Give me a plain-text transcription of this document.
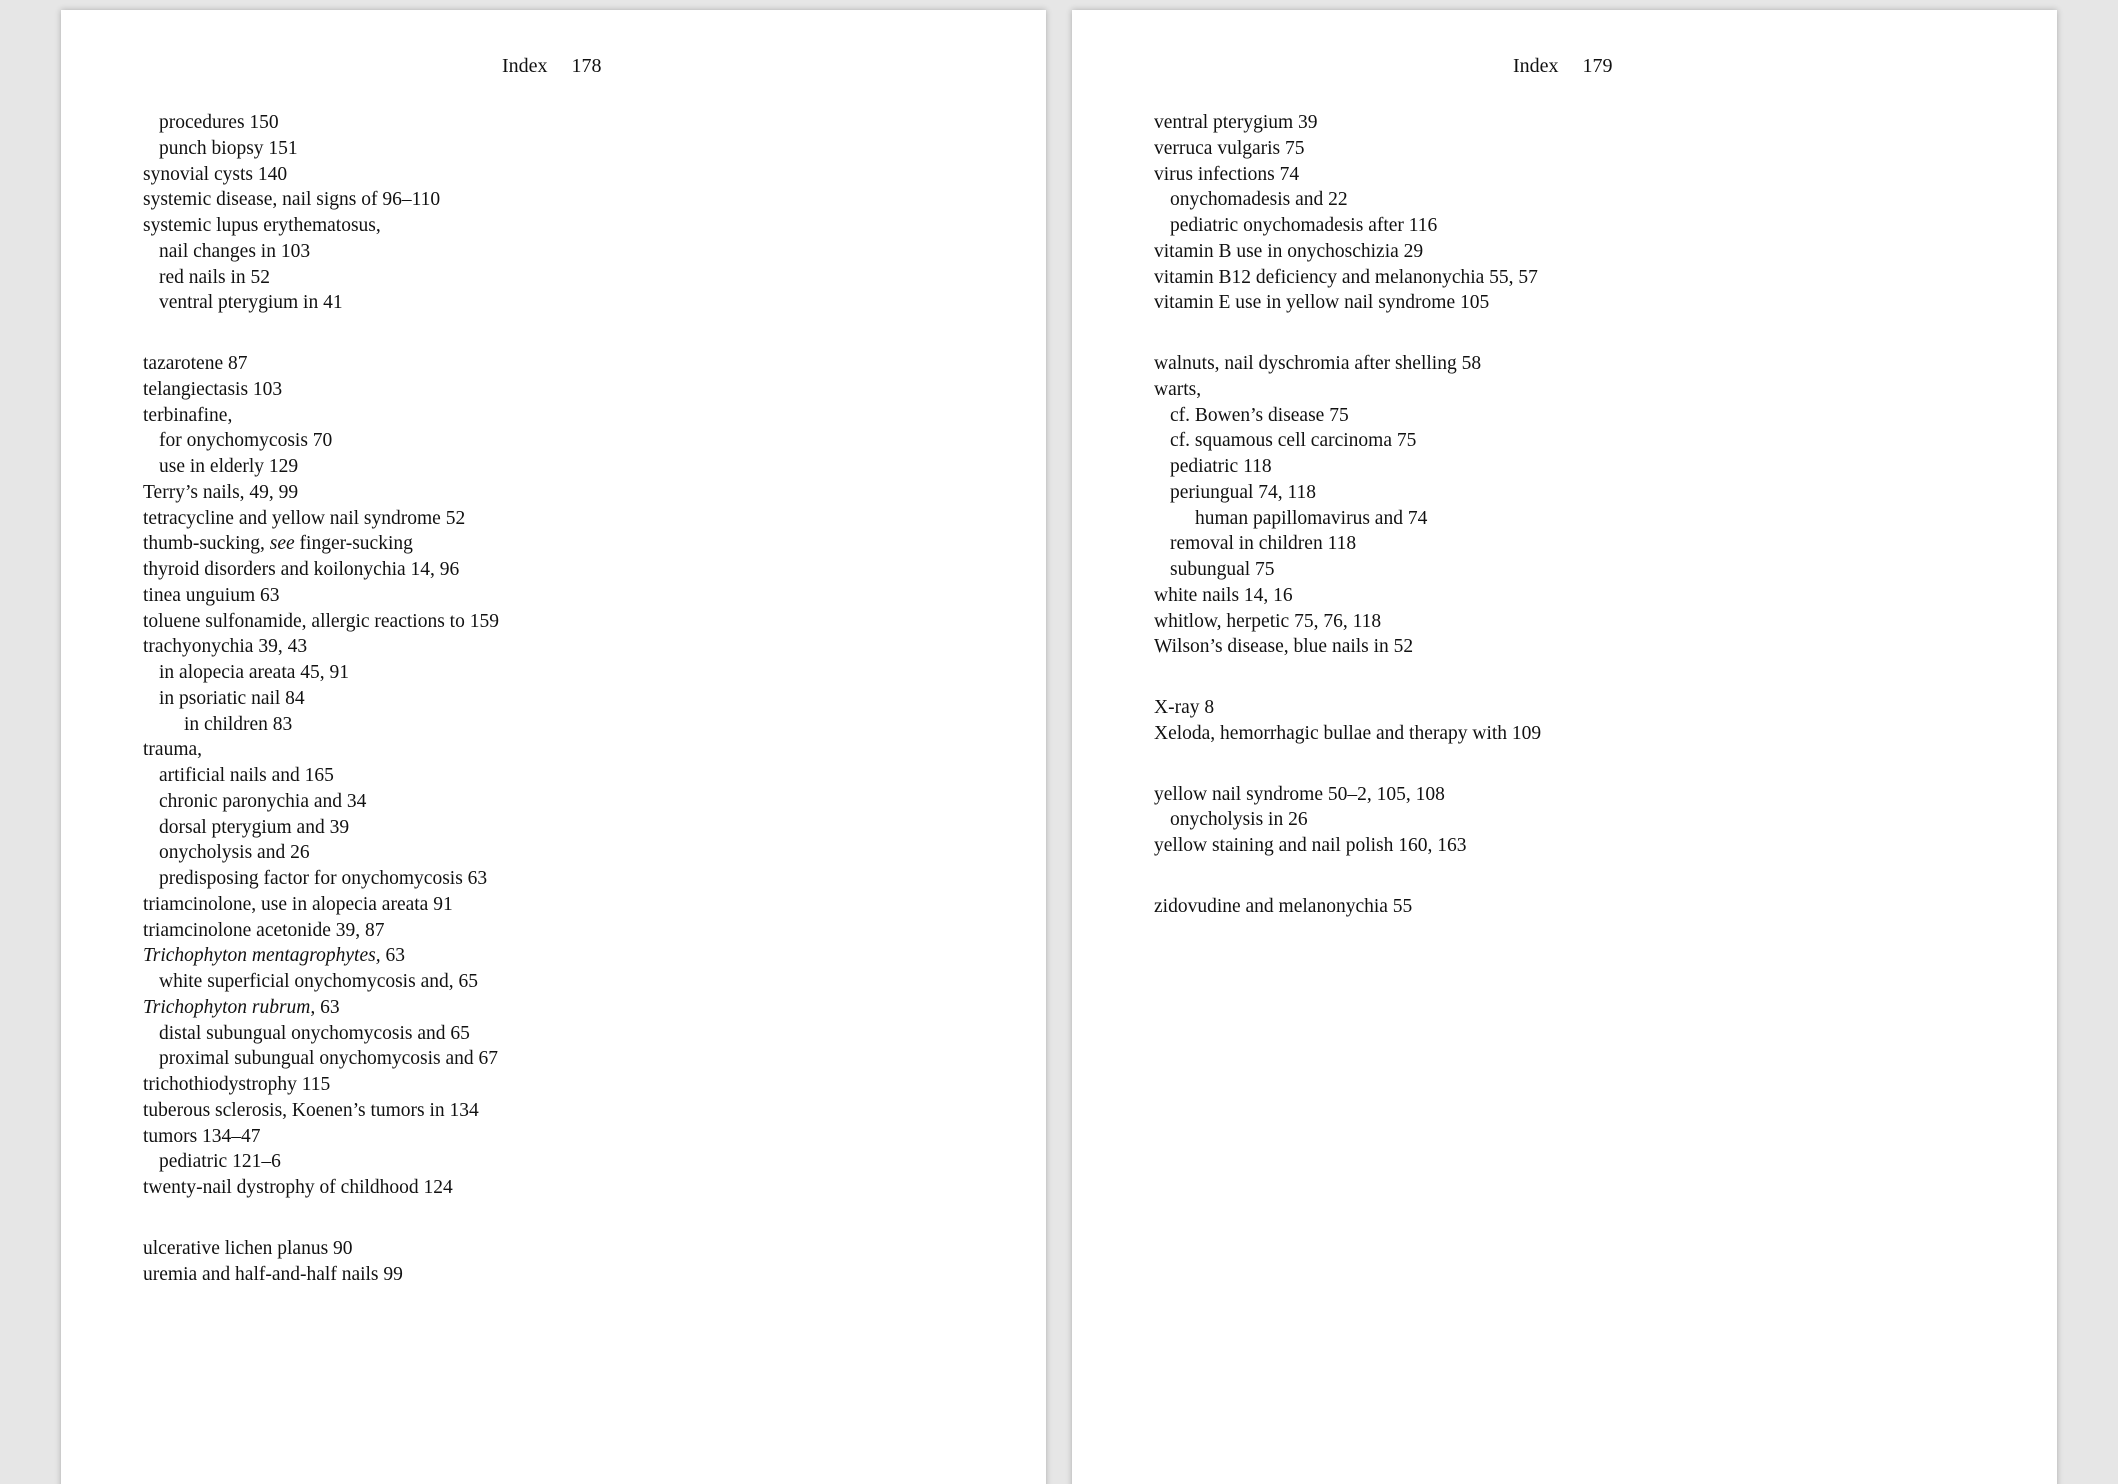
Index 178
procedures 150
punch biopsy 151
synovial cysts 140
systemic disease, nail signs of 96–110
systemic lupus erythematosus,
nail changes in 103
red nails in 52
ventral pterygium in 41
tazarotene 87
telangiectasis 103
terbinafine,
for onychomycosis 70
use in elderly 129
Terry’s nails, 49, 99
tetracycline and yellow nail syndrome 52
thumb-sucking, see finger-sucking
thyroid disorders and koilonychia 14, 96
tinea unguium 63
toluene sulfonamide, allergic reactions to 159
trachyonychia 39, 43
in alopecia areata 45, 91
in psoriatic nail 84
in children 83
trauma,
artificial nails and 165
chronic paronychia and 34
dorsal pterygium and 39
onycholysis and 26
predisposing factor for onychomycosis 63
triamcinolone, use in alopecia areata 91
triamcinolone acetonide 39, 87
Trichophyton mentagrophytes, 63
white superficial onychomycosis and, 65
Trichophyton rubrum, 63
distal subungual onychomycosis and 65
proximal subungual onychomycosis and 67
trichothiodystrophy 115
tuberous sclerosis, Koenen’s tumors in 134
tumors 134–47
pediatric 121–6
twenty-nail dystrophy of childhood 124
ulcerative lichen planus 90
uremia and half-and-half nails 99
Index 179
ventral pterygium 39
verruca vulgaris 75
virus infections 74
onychomadesis and 22
pediatric onychomadesis after 116
vitamin B use in onychoschizia 29
vitamin B12 deficiency and melanonychia 55, 57
vitamin E use in yellow nail syndrome 105
walnuts, nail dyschromia after shelling 58
warts,
cf. Bowen’s disease 75
cf. squamous cell carcinoma 75
pediatric 118
periungual 74, 118
human papillomavirus and 74
removal in children 118
subungual 75
white nails 14, 16
whitlow, herpetic 75, 76, 118
Wilson’s disease, blue nails in 52
X-ray 8
Xeloda, hemorrhagic bullae and therapy with 109
yellow nail syndrome 50–2, 105, 108
onycholysis in 26
yellow staining and nail polish 160, 163
zidovudine and melanonychia 55
